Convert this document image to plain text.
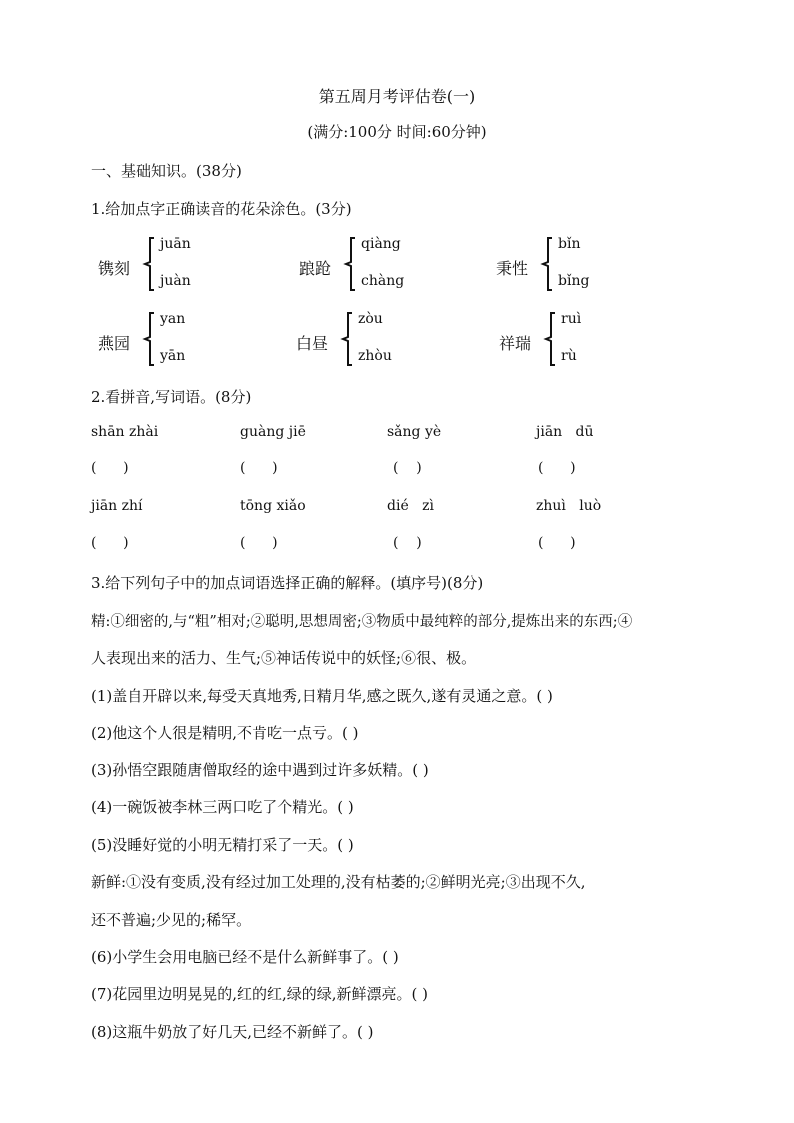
第五周月考评估卷(一)
(满分:100分 时间:60分钟)
一、基础知识。(38分)
1.给加点字正确读音的花朵涂色。(3分)
镌刻
juān
juàn
踉跄
qiàng
chàng
秉性
bǐn
bǐng
燕园
yan
yān
白昼
zòu
zhòu
祥瑞
ruì
rù
2.看拼音,写词语。(8分)
shān zhài	guàng jiē	sǎng yè	jiān   dū
(      )	(      )	(    )	(      )
jiān zhí	tōng xiǎo	dié   zì	zhuì   luò
(      )	(      )	(    )	(      )
3.给下列句子中的加点词语选择正确的解释。(填序号)(8分)
精:①细密的,与“粗”相对;②聪明,思想周密;③物质中最纯粹的部分,提炼出来的东西;④
人表现出来的活力、生气;⑤神话传说中的妖怪;⑥很、极。
(1)盖自开辟以来,每受天真地秀,日精月华,感之既久,遂有灵通之意。( )
(2)他这个人很是精明,不肯吃一点亏。( )
(3)孙悟空跟随唐僧取经的途中遇到过许多妖精。( )
(4)一碗饭被李林三两口吃了个精光。( )
(5)没睡好觉的小明无精打采了一天。( )
新鲜:①没有变质,没有经过加工处理的,没有枯萎的;②鲜明光亮;③出现不久,
还不普遍;少见的;稀罕。
(6)小学生会用电脑已经不是什么新鲜事了。( )
(7)花园里边明晃晃的,红的红,绿的绿,新鲜漂亮。( )
(8)这瓶牛奶放了好几天,已经不新鲜了。( )
